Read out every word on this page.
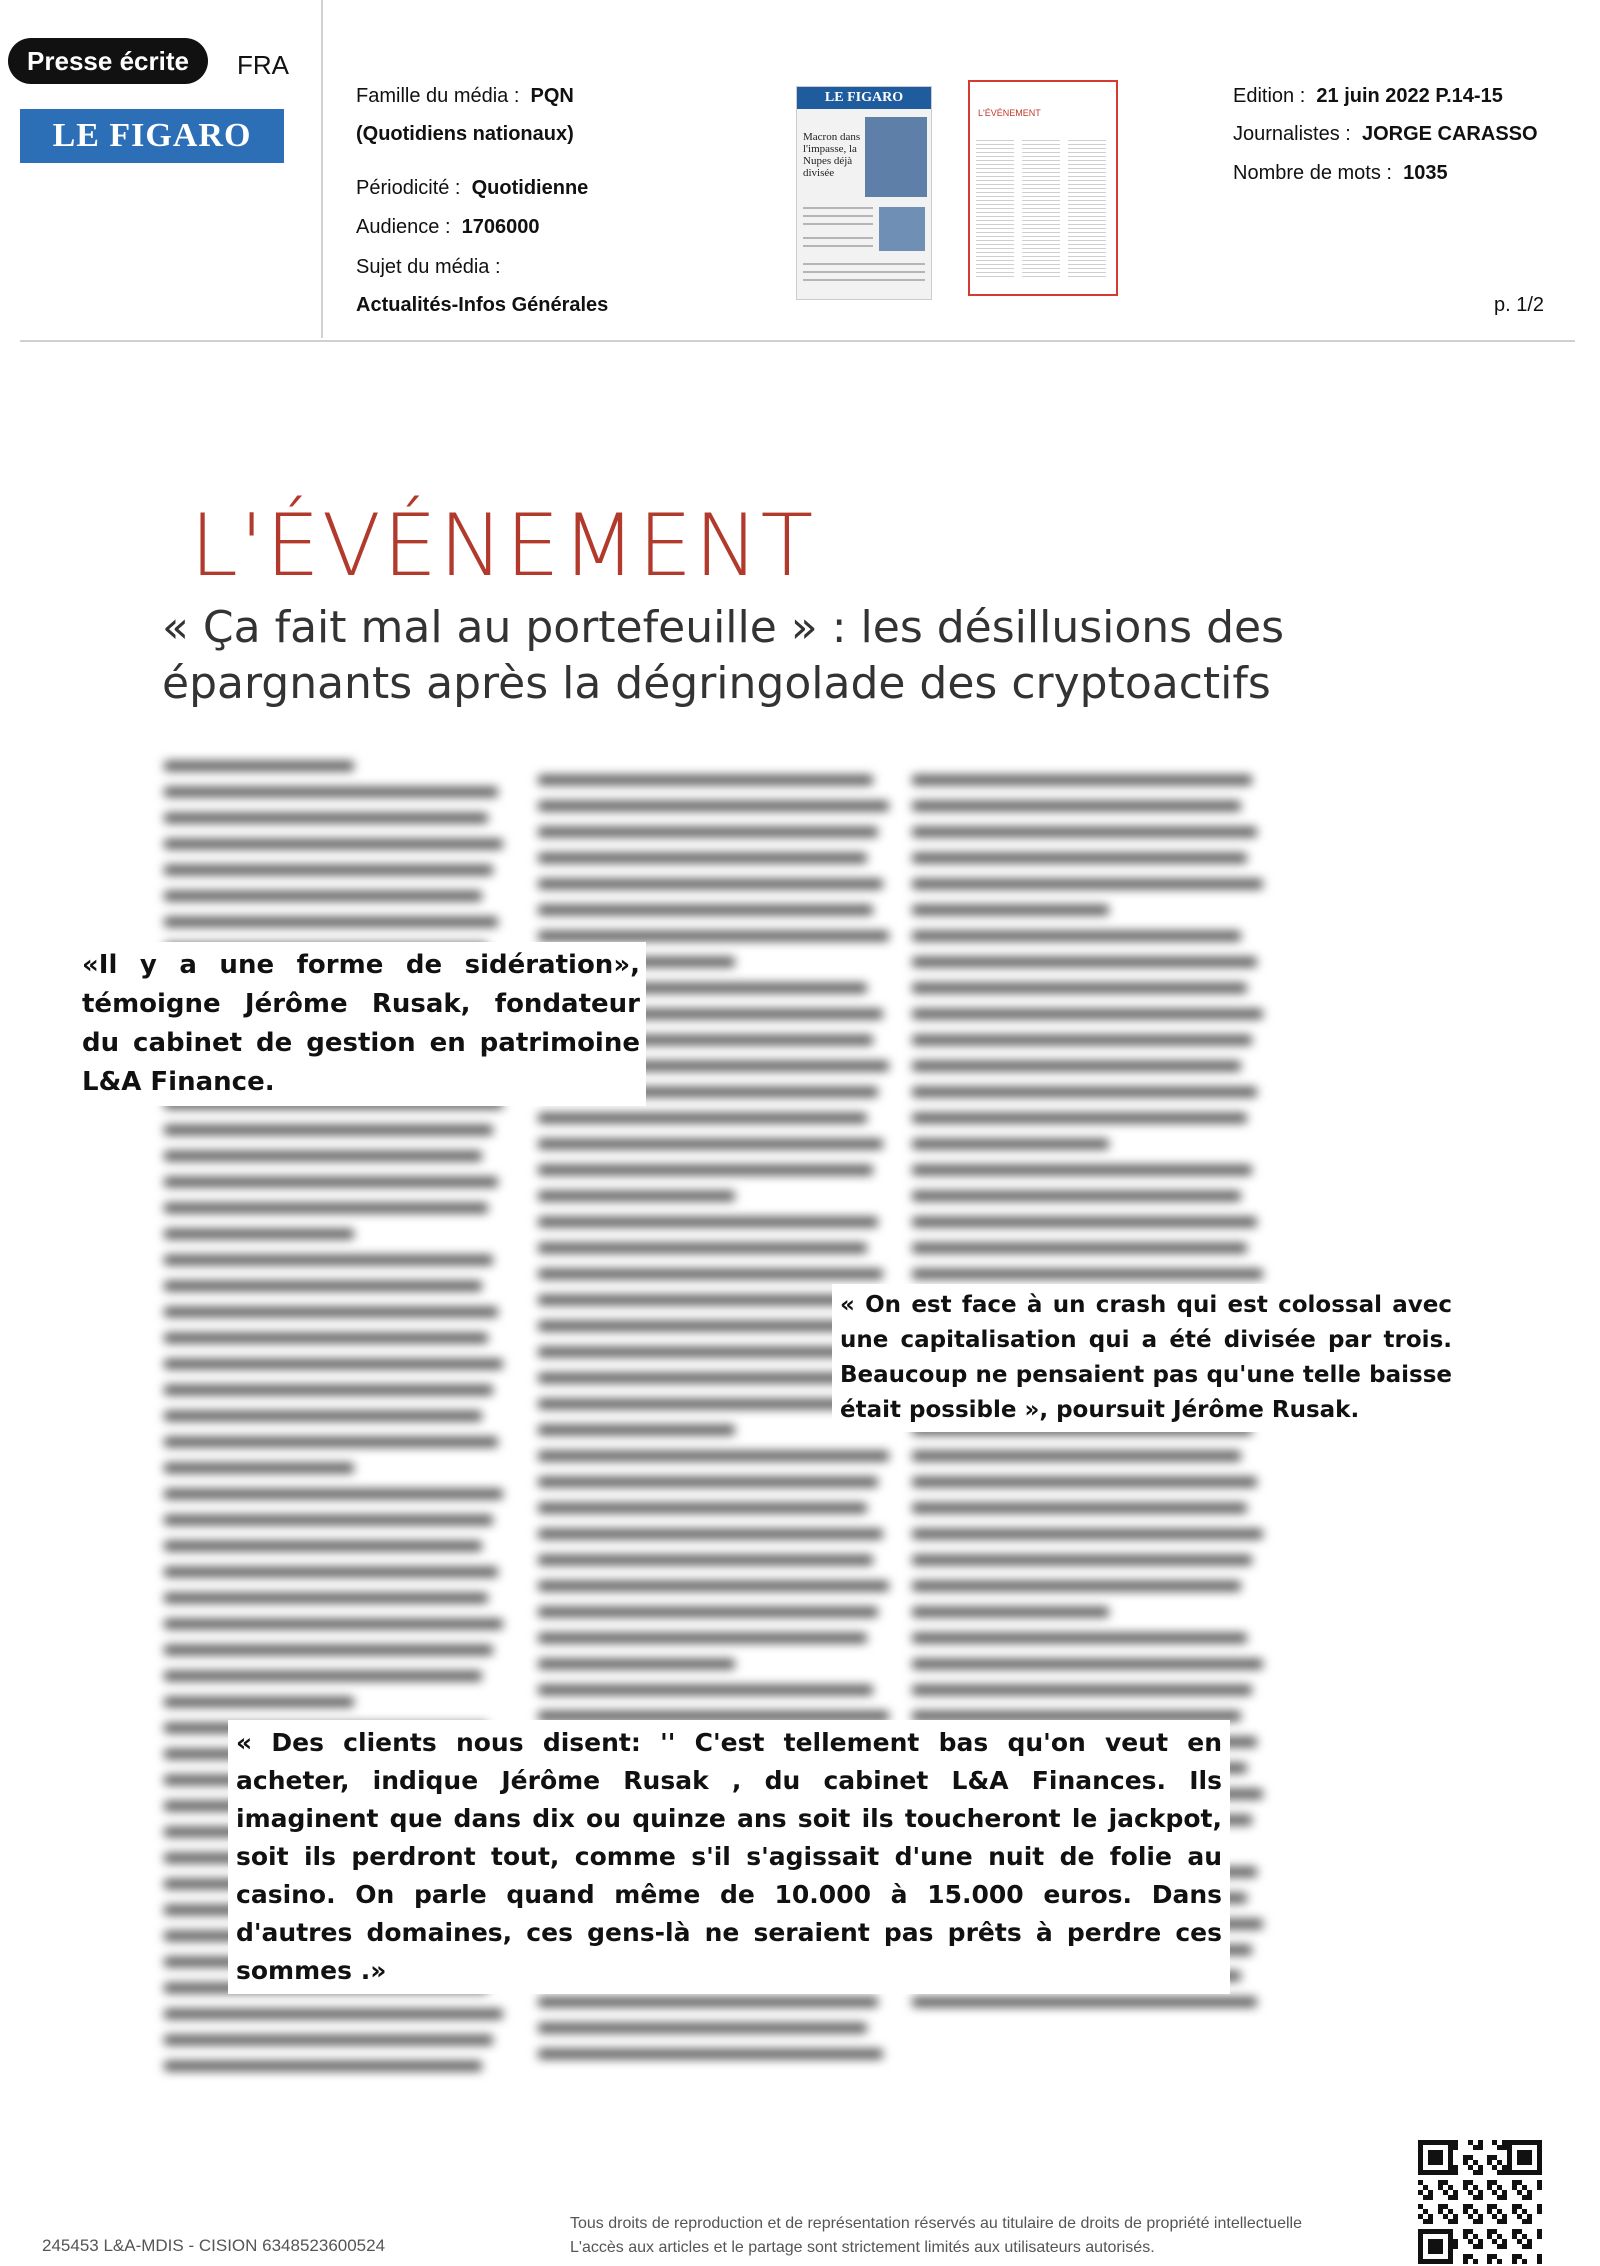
Presse écrite	FRA
LE FIGARO
Famille du média : PQN
(Quotidiens nationaux)
Périodicité : Quotidienne
Audience : 1706000
Sujet du média :
Actualités-Infos Générales
LE FIGARO
Macron dans l'impasse, la Nupes déjà divisée
L'ÉVÉNEMENT
Edition : 21 juin 2022 P.14-15
Journalistes : JORGE CARASSO
Nombre de mots : 1035
p. 1/2
L'ÉVÉNEMENT
« Ça fait mal au portefeuille » : les désillusions des épargnants après la dégringolade des cryptoactifs
«Il y a une forme de sidération», témoigne Jérôme Rusak, fondateur du cabinet de gestion en patrimoine L&A Finance.
« On est face à un crash qui est colossal avec une capitalisation qui a été divisée par trois. Beaucoup ne pensaient pas qu'une telle baisse était possible », poursuit Jérôme Rusak.
« Des clients nous disent: '' C'est tellement bas qu'on veut en acheter, indique Jérôme Rusak , du cabinet L&A Finances. Ils imaginent que dans dix ou quinze ans soit ils toucheront le jackpot, soit ils perdront tout, comme s'il s'agissait d'une nuit de folie au casino. On parle quand même de 10.000 à 15.000 euros. Dans d'autres domaines, ces gens-là ne seraient pas prêts à perdre ces sommes .»
245453 L&A-MDIS - CISION 6348523600524
Tous droits de reproduction et de représentation réservés au titulaire de droits de propriété intellectuelle
L'accès aux articles et le partage sont strictement limités aux utilisateurs autorisés.
